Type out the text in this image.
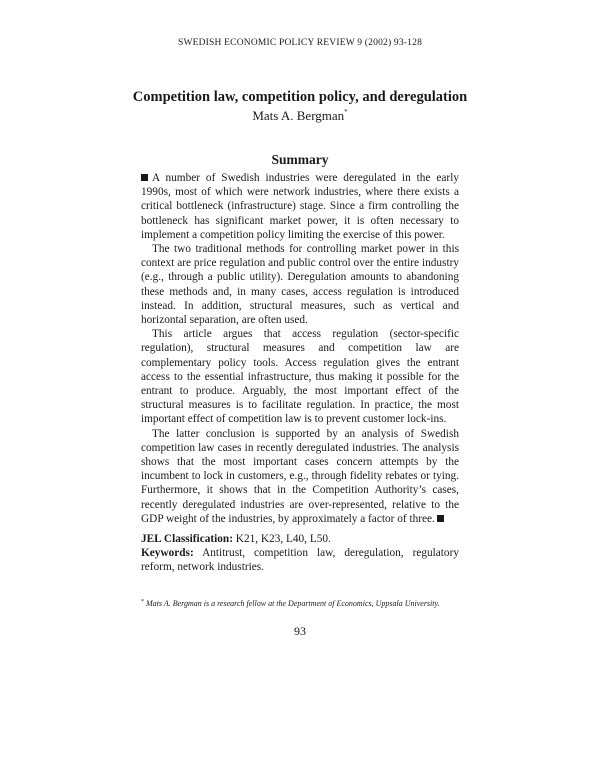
SWEDISH ECONOMIC POLICY REVIEW 9 (2002) 93-128
Competition law, competition policy, and deregulation
Mats A. Bergman*
Summary

A number of Swedish industries were deregulated in the early 1990s, most of which were network industries, where there exists a critical bottleneck (infrastructure) stage. Since a firm controlling the bottleneck has significant market power, it is often necessary to implement a competition policy limiting the exercise of this power.

The two traditional methods for controlling market power in this context are price regulation and public control over the entire industry (e.g., through a public utility). Deregulation amounts to abandoning these methods and, in many cases, access regulation is introduced instead. In addition, structural measures, such as vertical and horizontal separation, are often used.

This article argues that access regulation (sector-specific regulation), structural measures and competition law are complementary policy tools. Access regulation gives the entrant access to the essential infrastructure, thus making it possible for the entrant to produce. Arguably, the most important effect of the structural measures is to facilitate regulation. In practice, the most important effect of competition law is to prevent customer lock-ins.

The latter conclusion is supported by an analysis of Swedish competition law cases in recently deregulated industries. The analysis shows that the most important cases concern attempts by the incumbent to lock in customers, e.g., through fidelity rebates or tying. Furthermore, it shows that in the Competition Authority’s cases, recently deregulated industries are over-represented, relative to the GDP weight of the industries, by approximately a factor of three.

JEL Classification: K21, K23, L40, L50.

Keywords: Antitrust, competition law, deregulation, regulatory reform, network industries.

* Mats A. Bergman is a research fellow at the Department of Economics, Uppsala University.
93
